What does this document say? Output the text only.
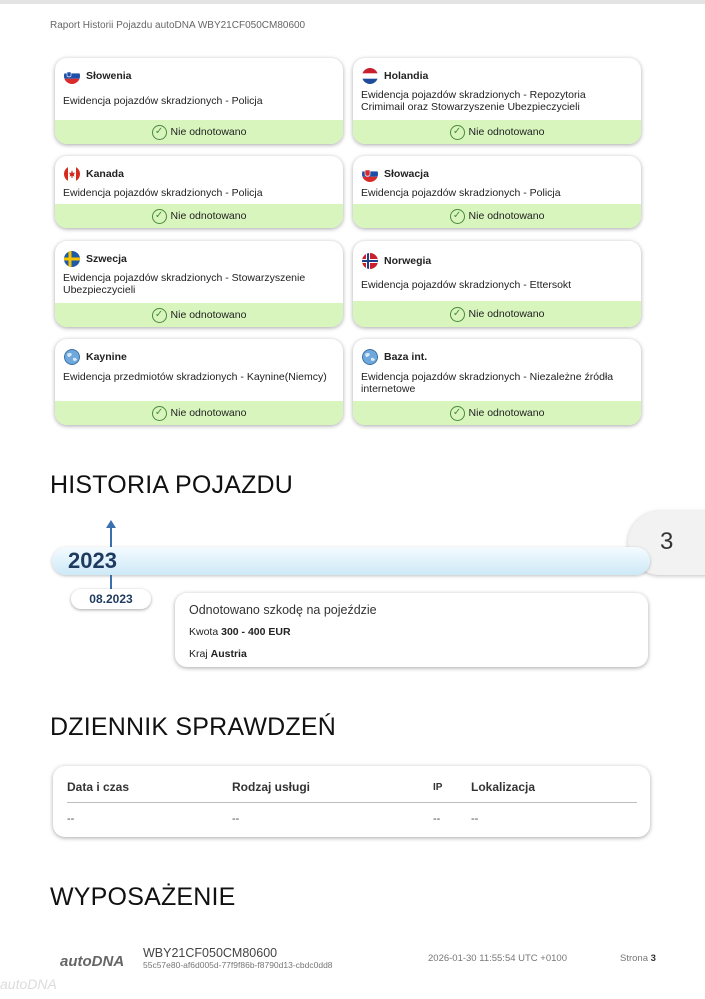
Raport Historii Pojazdu autoDNA WBY21CF050CM80600
Słowenia
Ewidencja pojazdów skradzionych - Policja
✓ Nie odnotowano
Holandia
Ewidencja pojazdów skradzionych - Repozytoria Crimimail oraz Stowarzyszenie Ubezpieczycieli
✓ Nie odnotowano
Kanada
Ewidencja pojazdów skradzionych - Policja
✓ Nie odnotowano
Słowacja
Ewidencja pojazdów skradzionych - Policja
✓ Nie odnotowano
Szwecja
Ewidencja pojazdów skradzionych - Stowarzyszenie Ubezpieczycieli
✓ Nie odnotowano
Norwegia
Ewidencja pojazdów skradzionych - Ettersokt
✓ Nie odnotowano
Kaynine
Ewidencja przedmiotów skradzionych - Kaynine(Niemcy)
✓ Nie odnotowano
Baza int.
Ewidencja pojazdów skradzionych - Niezależne źródła internetowe
✓ Nie odnotowano
HISTORIA POJAZDU
3
2023
08.2023
Odnotowano szkodę na pojeździe
Kwota 300 - 400 EUR
Kraj Austria
DZIENNIK SPRAWDZEŃ
Data i czas	Rodzaj usługi	IP Lokalizacja
--	--	--	--
WYPOSAŻENIE
autoDNA WBY21CF050CM80600
55c57e80-af6d005d-77f9f86b-f8790d13-cbdc0dd8
2026-01-30 11:55:54 UTC +0100	Strona 3
autoDNA
